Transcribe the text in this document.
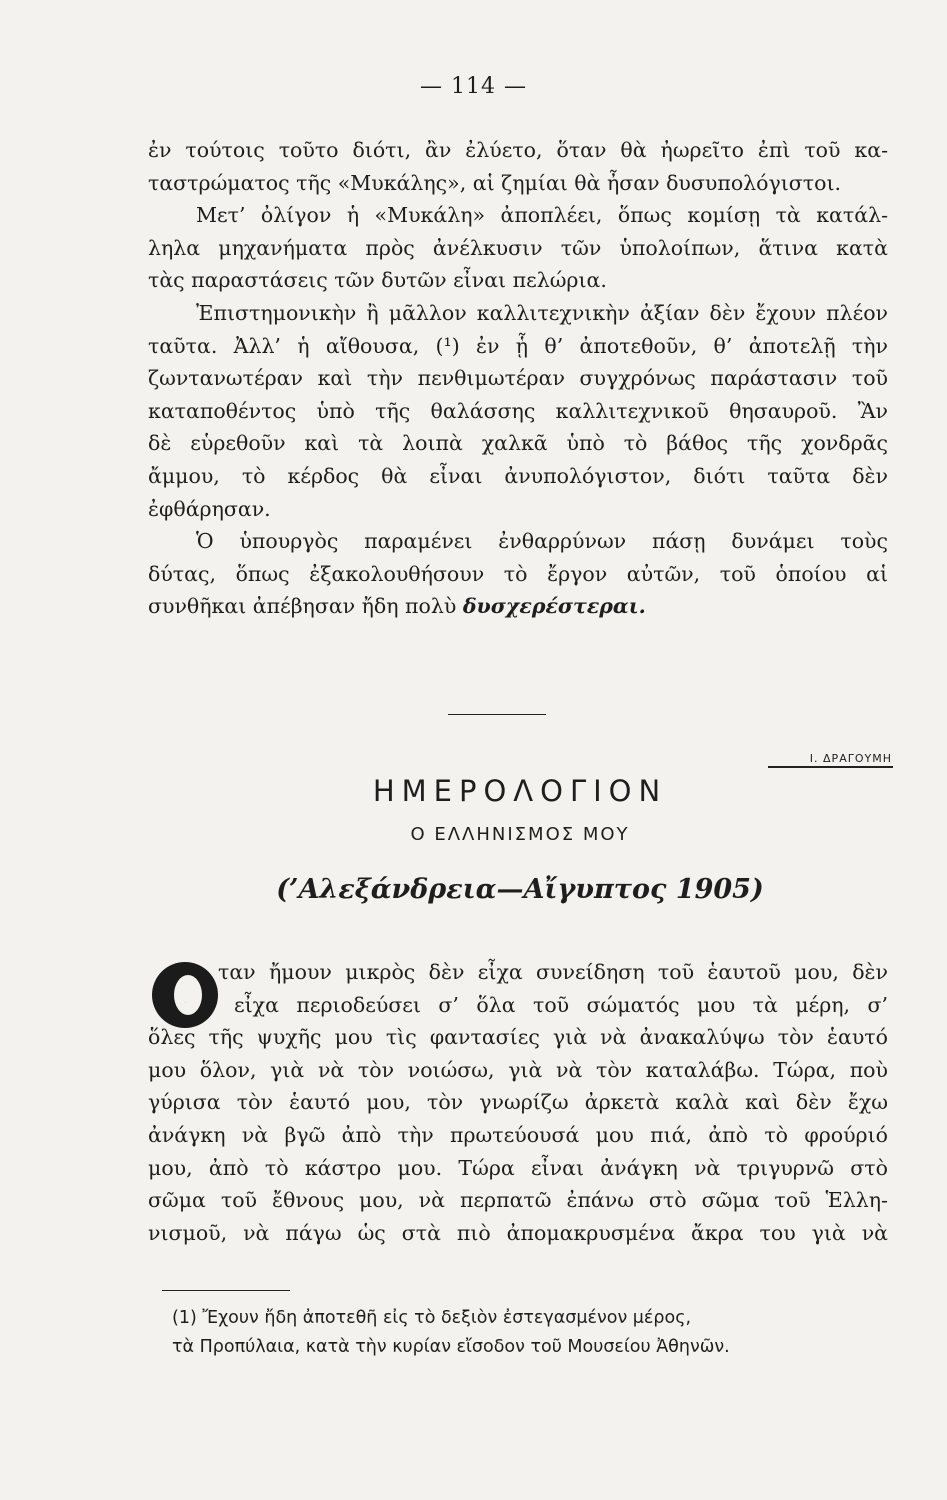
— 114 —

ἐν τούτοις τοῦτο διότι, ἂν ἐλύετο, ὅταν θὰ ἠωρεῖτο ἐπὶ τοῦ κα-
ταστρώματος τῆς «Μυκάλης», αἱ ζημίαι θὰ ἦσαν δυσυπολόγιστοι.

Μετ’ ὀλίγον ἡ «Μυκάλη» ἀποπλέει, ὅπως κομίσῃ τὰ κατάλ-
ληλα μηχανήματα πρὸς ἀνέλκυσιν τῶν ὑπολοίπων, ἅτινα κατὰ
τὰς παραστάσεις τῶν δυτῶν εἶναι πελώρια.

Ἐπιστημονικὴν ἢ μᾶλλον καλλιτεχνικὴν ἀξίαν δὲν ἔχουν πλέον
ταῦτα. Ἀλλ’ ἡ αἴθουσα, (¹) ἐν ᾗ θ’ ἀποτεθοῦν, θ’ ἀποτελῇ τὴν
ζωντανωτέραν καὶ τὴν πενθιμωτέραν συγχρόνως παράστασιν τοῦ
καταποθέντος ὑπὸ τῆς θαλάσσης καλλιτεχνικοῦ θησαυροῦ. Ἂν
δὲ εὑρεθοῦν καὶ τὰ λοιπὰ χαλκᾶ ὑπὸ τὸ βάθος τῆς χονδρᾶς
ἄμμου, τὸ κέρδος θὰ εἶναι ἀνυπολόγιστον, διότι ταῦτα δὲν
ἐφθάρησαν.

Ὁ ὑπουργὸς παραμένει ἐνθαρρύνων πάσῃ δυνάμει τοὺς
δύτας, ὅπως ἐξακολουθήσουν τὸ ἔργον αὐτῶν, τοῦ ὁποίου αἱ
συνθῆκαι ἀπέβησαν ἤδη πολὺ δυσχερέστεραι.

Ι. ΔΡΑΓΟΥΜΗ
ΗΜΕΡΟΛΟΓΙΟΝ
Ο ΕΛΛΗΝΙΣΜΟΣ ΜΟΥ
(’Αλεξάνδρεια—Αἴγυπτος 1905)
Ο

ταν ἤμουν μικρὸς δὲν εἶχα συνείδηση τοῦ ἑαυτοῦ μου, δὲν
εἶχα περιοδεύσει σ’ ὅλα τοῦ σώματός μου τὰ μέρη, σ’
ὅλες τῆς ψυχῆς μου τὶς φαντασίες γιὰ νὰ ἀνακαλύψω τὸν ἑαυτό
μου ὅλον, γιὰ νὰ τὸν νοιώσω, γιὰ νὰ τὸν καταλάβω. Τώρα, ποὺ
γύρισα τὸν ἑαυτό μου, τὸν γνωρίζω ἀρκετὰ καλὰ καὶ δὲν ἔχω
ἀνάγκη νὰ βγῶ ἀπὸ τὴν πρωτεύουσά μου πιά, ἀπὸ τὸ φρούριό
μου, ἀπὸ τὸ κάστρο μου. Τώρα εἶναι ἀνάγκη νὰ τριγυρνῶ στὸ
σῶμα τοῦ ἔθνους μου, νὰ περπατῶ ἐπάνω στὸ σῶμα τοῦ Ἑλλη-
νισμοῦ, νὰ πάγω ὡς στὰ πιὸ ἀπομακρυσμένα ἄκρα του γιὰ νὰ

(1) Ἔχουν ἤδη ἀποτεθῆ εἰς τὸ δεξιὸν ἐστεγασμένον μέρος,
τὰ Προπύλαια, κατὰ τὴν κυρίαν εἴσοδον τοῦ Μουσείου Ἀθηνῶν.
